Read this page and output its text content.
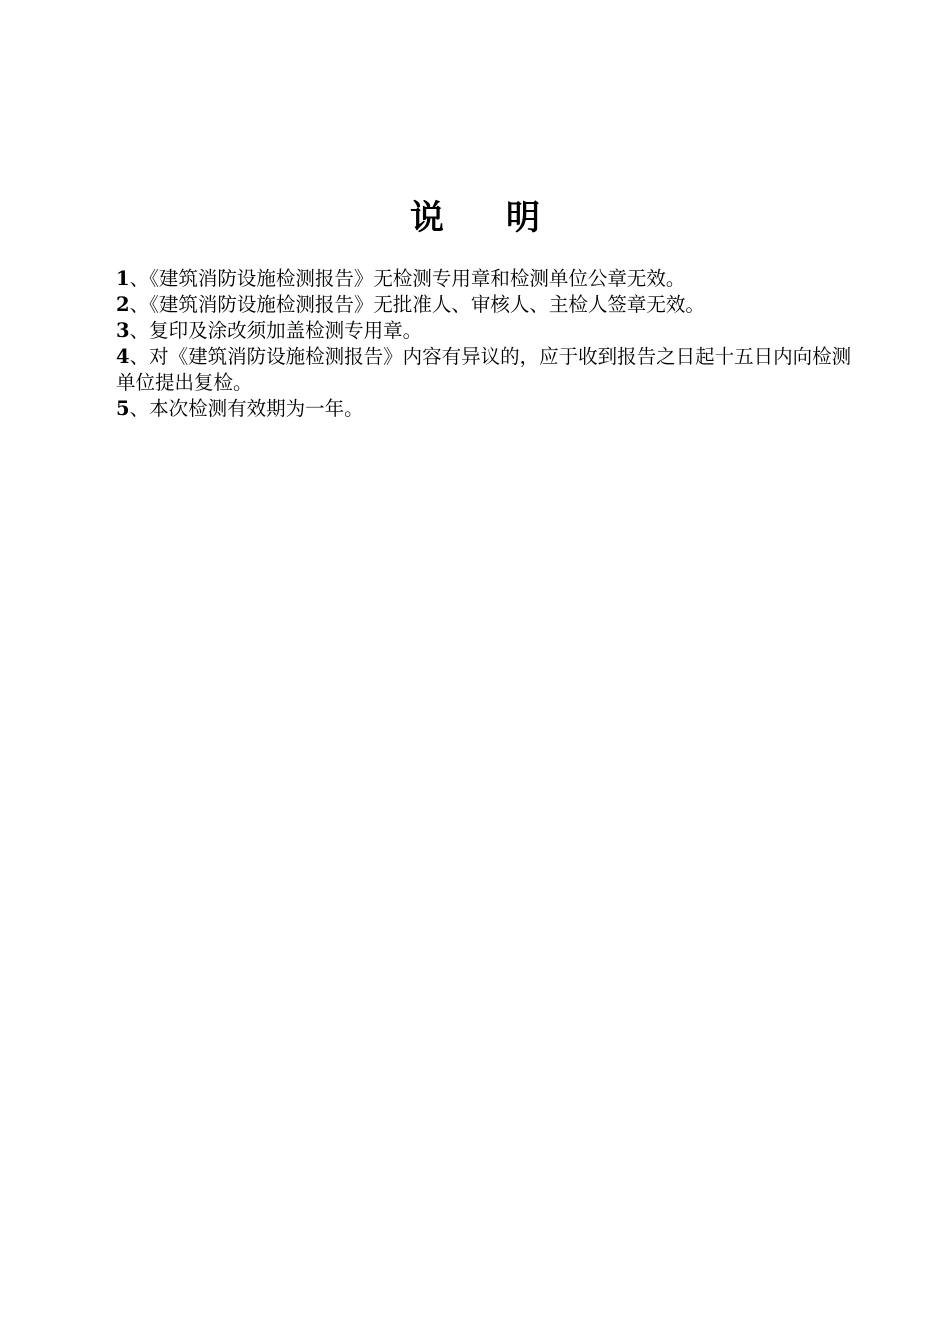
说 明
1、《建筑消防设施检测报告》无检测专用章和检测单位公章无效。
2、《建筑消防设施检测报告》无批准人、审核人、主检人签章无效。
3、复印及涂改须加盖检测专用章。
4、对《建筑消防设施检测报告》内容有异议的，应于收到报告之日起十五日内向检测单位提出复检。
5、本次检测有效期为一年。
